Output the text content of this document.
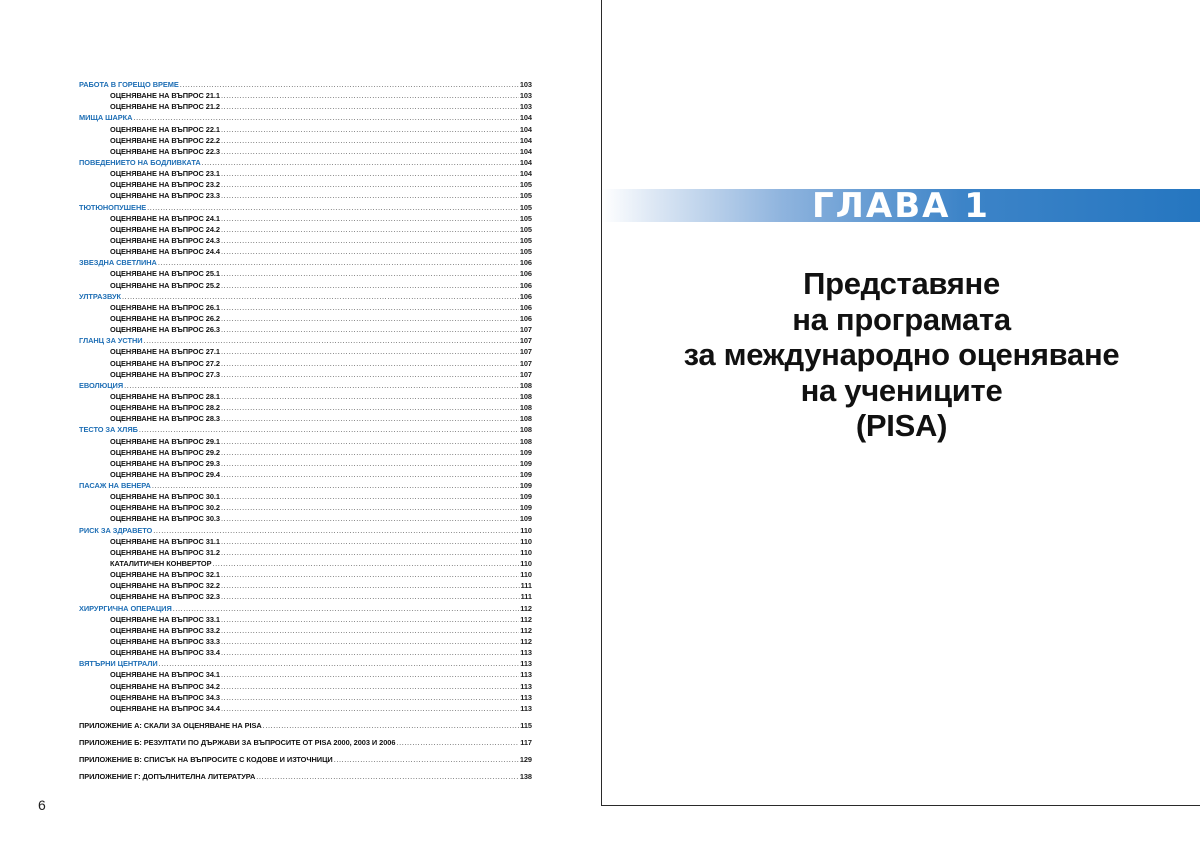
РАБОТА В ГОРЕЩО ВРЕМЕ .....	103
ОЦЕНЯВАНЕ НА ВЪПРОС 21.1 .....	103
ОЦЕНЯВАНЕ НА ВЪПРОС 21.2 .....	103
МИЩА ШАРКА .....	104
ОЦЕНЯВАНЕ НА ВЪПРОС 22.1 .....	104
ОЦЕНЯВАНЕ НА ВЪПРОС 22.2 .....	104
ОЦЕНЯВАНЕ НА ВЪПРОС 22.3 .....	104
ПОВЕДЕНИЕТО НА БОДЛИВКАТА .....	104
ОЦЕНЯВАНЕ НА ВЪПРОС 23.1 .....	104
ОЦЕНЯВАНЕ НА ВЪПРОС 23.2 .....	105
ОЦЕНЯВАНЕ НА ВЪПРОС 23.3 .....	105
ТЮТЮНОПУШЕНЕ .....	105
ОЦЕНЯВАНЕ НА ВЪПРОС 24.1 .....	105
ОЦЕНЯВАНЕ НА ВЪПРОС 24.2 .....	105
ОЦЕНЯВАНЕ НА ВЪПРОС 24.3 .....	105
ОЦЕНЯВАНЕ НА ВЪПРОС 24.4 .....	105
ЗВЕЗДНА СВЕТЛИНА .....	106
ОЦЕНЯВАНЕ НА ВЪПРОС 25.1 .....	106
ОЦЕНЯВАНЕ НА ВЪПРОС 25.2 .....	106
УЛТРАЗВУК .....	106
ОЦЕНЯВАНЕ НА ВЪПРОС 26.1 .....	106
ОЦЕНЯВАНЕ НА ВЪПРОС 26.2 .....	106
ОЦЕНЯВАНЕ НА ВЪПРОС 26.3 .....	107
ГЛАНЦ ЗА УСТНИ .....	107
ОЦЕНЯВАНЕ НА ВЪПРОС 27.1 .....	107
ОЦЕНЯВАНЕ НА ВЪПРОС 27.2 .....	107
ОЦЕНЯВАНЕ НА ВЪПРОС 27.3 .....	107
ЕВОЛЮЦИЯ .....	108
ОЦЕНЯВАНЕ НА ВЪПРОС 28.1 .....	108
ОЦЕНЯВАНЕ НА ВЪПРОС 28.2 .....	108
ОЦЕНЯВАНЕ НА ВЪПРОС 28.3 .....	108
ТЕСТО ЗА ХЛЯБ .....	108
ОЦЕНЯВАНЕ НА ВЪПРОС 29.1 .....	108
ОЦЕНЯВАНЕ НА ВЪПРОС 29.2 .....	109
ОЦЕНЯВАНЕ НА ВЪПРОС 29.3 .....	109
ОЦЕНЯВАНЕ НА ВЪПРОС 29.4 .....	109
ПАСАЖ НА ВЕНЕРА .....	109
ОЦЕНЯВАНЕ НА ВЪПРОС 30.1 .....	109
ОЦЕНЯВАНЕ НА ВЪПРОС 30.2 .....	109
ОЦЕНЯВАНЕ НА ВЪПРОС 30.3 .....	109
РИСК ЗА ЗДРАВЕТО .....	110
ОЦЕНЯВАНЕ НА ВЪПРОС 31.1 .....	110
ОЦЕНЯВАНЕ НА ВЪПРОС 31.2 .....	110
КАТАЛИТИЧЕН КОНВЕРТОР .....	110
ОЦЕНЯВАНЕ НА ВЪПРОС 32.1 .....	110
ОЦЕНЯВАНЕ НА ВЪПРОС 32.2 .....	111
ОЦЕНЯВАНЕ НА ВЪПРОС 32.3 .....	111
ХИРУРГИЧНА ОПЕРАЦИЯ .....	112
ОЦЕНЯВАНЕ НА ВЪПРОС 33.1 .....	112
ОЦЕНЯВАНЕ НА ВЪПРОС 33.2 .....	112
ОЦЕНЯВАНЕ НА ВЪПРОС 33.3 .....	112
ОЦЕНЯВАНЕ НА ВЪПРОС 33.4 .....	113
ВЯТЪРНИ ЦЕНТРАЛИ .....	113
ОЦЕНЯВАНЕ НА ВЪПРОС 34.1 .....	113
ОЦЕНЯВАНЕ НА ВЪПРОС 34.2 .....	113
ОЦЕНЯВАНЕ НА ВЪПРОС 34.3 .....	113
ОЦЕНЯВАНЕ НА ВЪПРОС 34.4 .....	113
ПРИЛОЖЕНИЕ А: СКАЛИ ЗА ОЦЕНЯВАНЕ НА PISA .....	115
ПРИЛОЖЕНИЕ Б: РЕЗУЛТАТИ ПО ДЪРЖАВИ ЗА ВЪПРОСИТЕ ОТ PISA 2000, 2003 И 2006 .....	117
ПРИЛОЖЕНИЕ В: СПИСЪК НА ВЪПРОСИТЕ С КОДОВЕ И ИЗТОЧНИЦИ .....	129
ПРИЛОЖЕНИЕ Г: ДОПЪЛНИТЕЛНА ЛИТЕРАТУРА .....	138
6
ГЛАВА 1
Представяне
на програмата
за международно оценяване
на учениците
(PISA)
